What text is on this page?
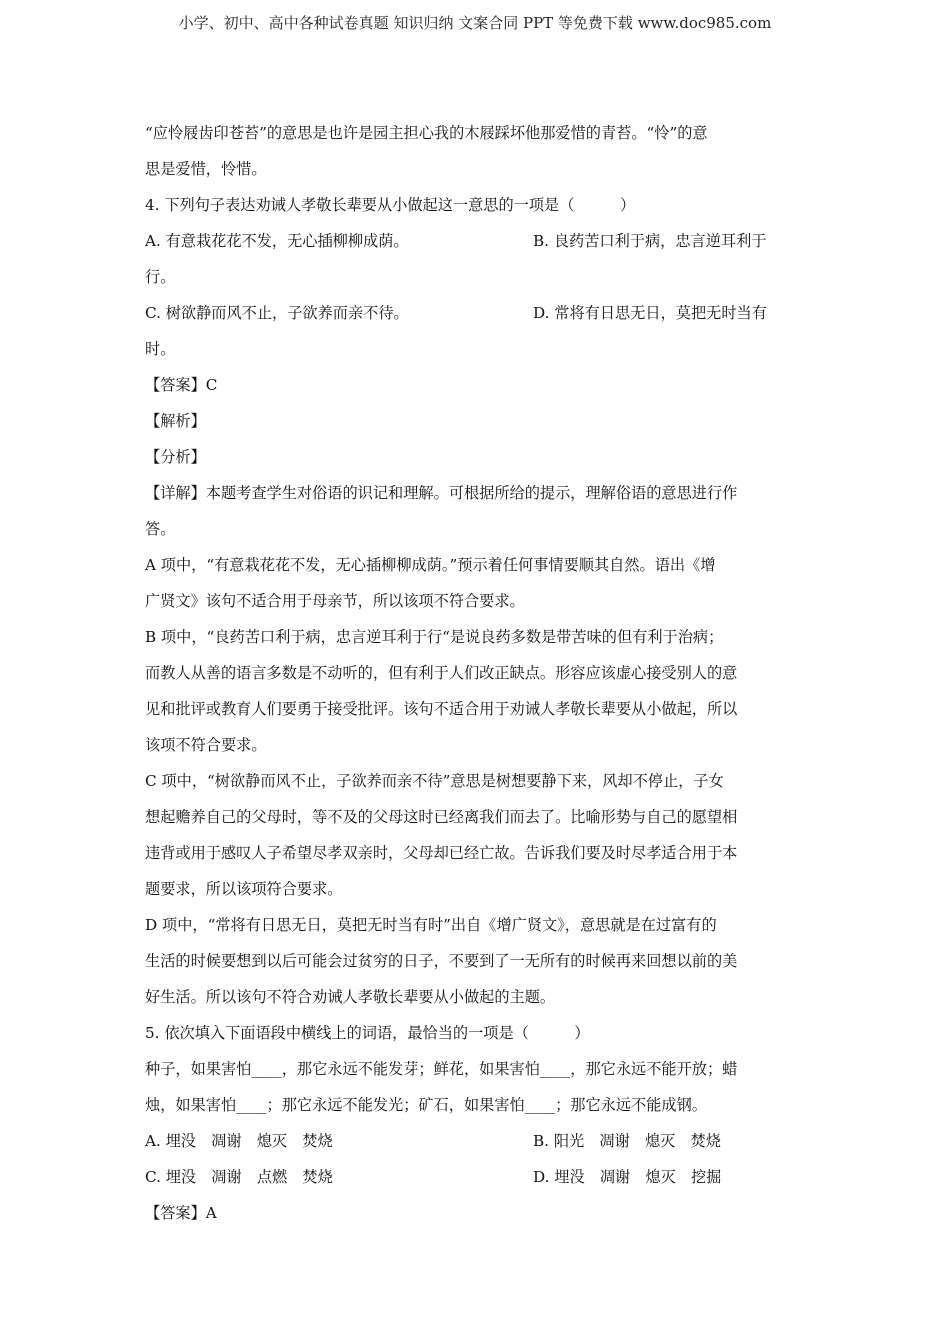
小学、初中、高中各种试卷真题 知识归纳 文案合同 PPT 等免费下载 www.doc985.com

“应怜屐齿印苍苔”的意思是也许是园主担心我的木屐踩坏他那爱惜的青苔。“怜”的意

思是爱惜，怜惜。

4. 下列句子表达劝诫人孝敬长辈要从小做起这一意思的一项是（　　　）

A. 有意栽花花不发，无心插柳柳成荫。	B. 良药苦口利于病，忠言逆耳利于

行。

C. 树欲静而风不止，子欲养而亲不待。	D. 常将有日思无日，莫把无时当有

时。

【答案】C

【解析】

【分析】

【详解】本题考查学生对俗语的识记和理解。可根据所给的提示，理解俗语的意思进行作

答。

A 项中，“有意栽花花不发，无心插柳柳成荫。”预示着任何事情要顺其自然。语出《增

广贤文》该句不适合用于母亲节，所以该项不符合要求。

B 项中，“良药苦口利于病，忠言逆耳利于行“是说良药多数是带苦味的但有利于治病；

而教人从善的语言多数是不动听的，但有利于人们改正缺点。形容应该虚心接受别人的意

见和批评或教育人们要勇于接受批评。该句不适合用于劝诫人孝敬长辈要从小做起，所以

该项不符合要求。

C 项中，“树欲静而风不止，子欲养而亲不待”意思是树想要静下来，风却不停止，子女

想起赡养自己的父母时，等不及的父母这时已经离我们而去了。比喻形势与自己的愿望相

违背或用于感叹人子希望尽孝双亲时，父母却已经亡故。告诉我们要及时尽孝适合用于本

题要求，所以该项符合要求。

D 项中，“常将有日思无日，莫把无时当有时”出自《增广贤文》，意思就是在过富有的

生活的时候要想到以后可能会过贫穷的日子，不要到了一无所有的时候再来回想以前的美

好生活。所以该句不符合劝诫人孝敬长辈要从小做起的主题。

5. 依次填入下面语段中横线上的词语，最恰当的一项是（　　　）

种子，如果害怕____，那它永远不能发芽；鲜花，如果害怕____，那它永远不能开放；蜡

烛，如果害怕____；那它永远不能发光；矿石，如果害怕____；那它永远不能成钢。

A. 埋没　凋谢　熄灭　焚烧	B. 阳光　凋谢　熄灭　焚烧
C. 埋没　凋谢　点燃　焚烧	D. 埋没　凋谢　熄灭　挖掘

【答案】A
